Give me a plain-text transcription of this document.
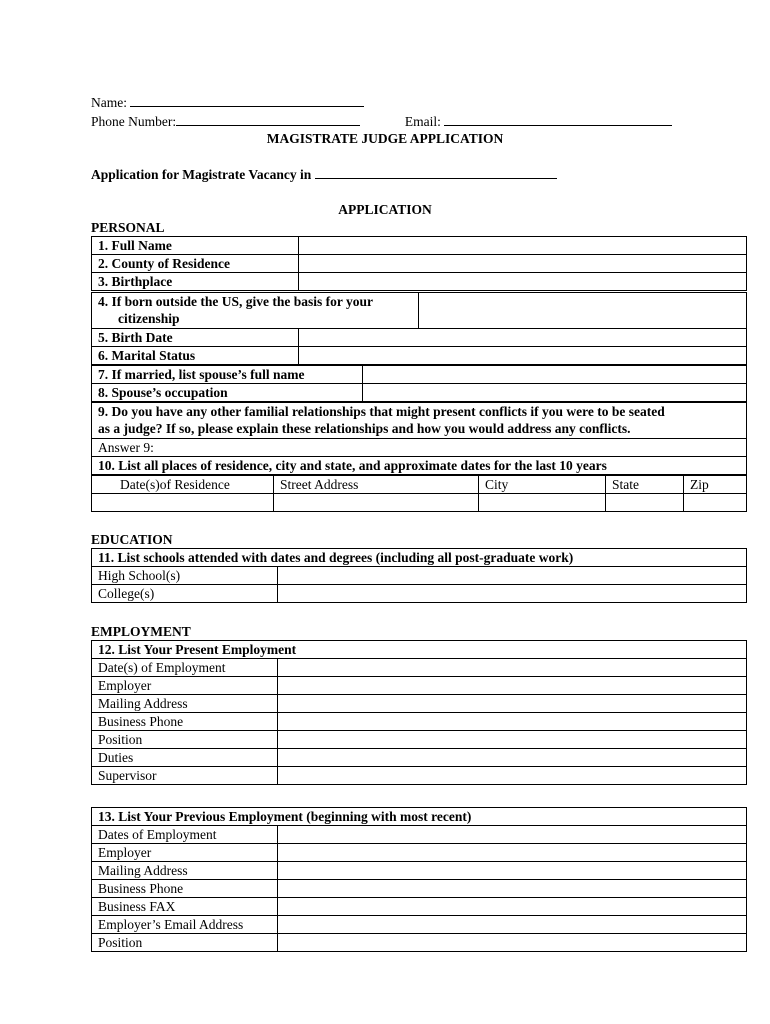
Name:
Phone Number:	Email:
MAGISTRATE JUDGE APPLICATION
Application for Magistrate Vacancy in
APPLICATION
PERSONAL
1. Full Name	
2. County of Residence	
3. Birthplace	
4. If born outside the US, give the basis for your
citizenship

5. Birth Date	
6. Marital Status	
7. If married, list spouse’s full name	
8. Spouse’s occupation	
9. Do you have any other familial relationships that might present conflicts if you were to be seated
as a judge? If so, please explain these relationships and how you would address any conflicts.

Answer 9:
10. List all places of residence, city and state, and approximate dates for the last 10 years
Date(s)of Residence	Street Address	City	State	Zip

EDUCATION
11. List schools attended with dates and degrees (including all post-graduate work)	
High School(s)	
College(s)	
EMPLOYMENT
12. List Your Present Employment	
Date(s) of Employment	
Employer	
Mailing Address	
Business Phone	
Position	
Duties	
Supervisor	
13. List Your Previous Employment (beginning with most recent)	
Dates of Employment	
Employer	
Mailing Address	
Business Phone	
Business FAX	
Employer’s Email Address	
Position	
